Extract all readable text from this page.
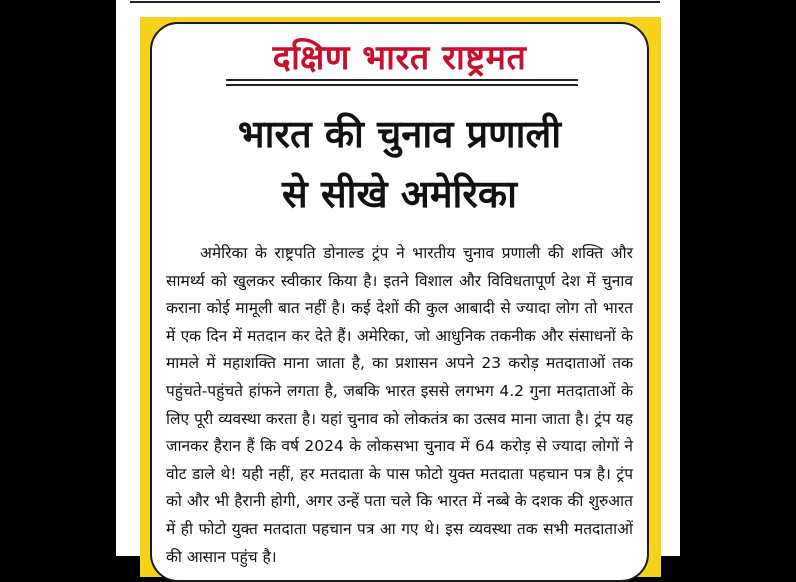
दक्षिण भारत राष्ट्रमत
भारत की चुनाव प्रणाली
से सीखे अमेरिका

अमेरिका के राष्ट्रपति डोनाल्ड ट्रंप ने भारतीय चुनाव प्रणाली की शक्ति और सामर्थ्य को खुलकर स्वीकार किया है। इतने विशाल और विविधतापूर्ण देश में चुनाव कराना कोई मामूली बात नहीं है। कई देशों की कुल आबादी से ज्यादा लोग तो भारत में एक दिन में मतदान कर देते हैं। अमेरिका, जो आधुनिक तकनीक और संसाधनों के मामले में महाशक्ति माना जाता है, का प्रशासन अपने 23 करोड़ मतदाताओं तक पहुंचते-पहुंचते हांफने लगता है, जबकि भारत इससे लगभग 4.2 गुना मतदाताओं के लिए पूरी व्यवस्था करता है। यहां चुनाव को लोकतंत्र का उत्सव माना जाता है। ट्रंप यह जानकर हैरान हैं कि वर्ष 2024 के लोकसभा चुनाव में 64 करोड़ से ज्यादा लोगों ने वोट डाले थे! यही नहीं, हर मतदाता के पास फोटो युक्त मतदाता पहचान पत्र है। ट्रंप को और भी हैरानी होगी, अगर उन्हें पता चले कि भारत में नब्बे के दशक की शुरुआत में ही फोटो युक्त मतदाता पहचान पत्र आ गए थे। इस व्यवस्था तक सभी मतदाताओं की आसान पहुंच है।
